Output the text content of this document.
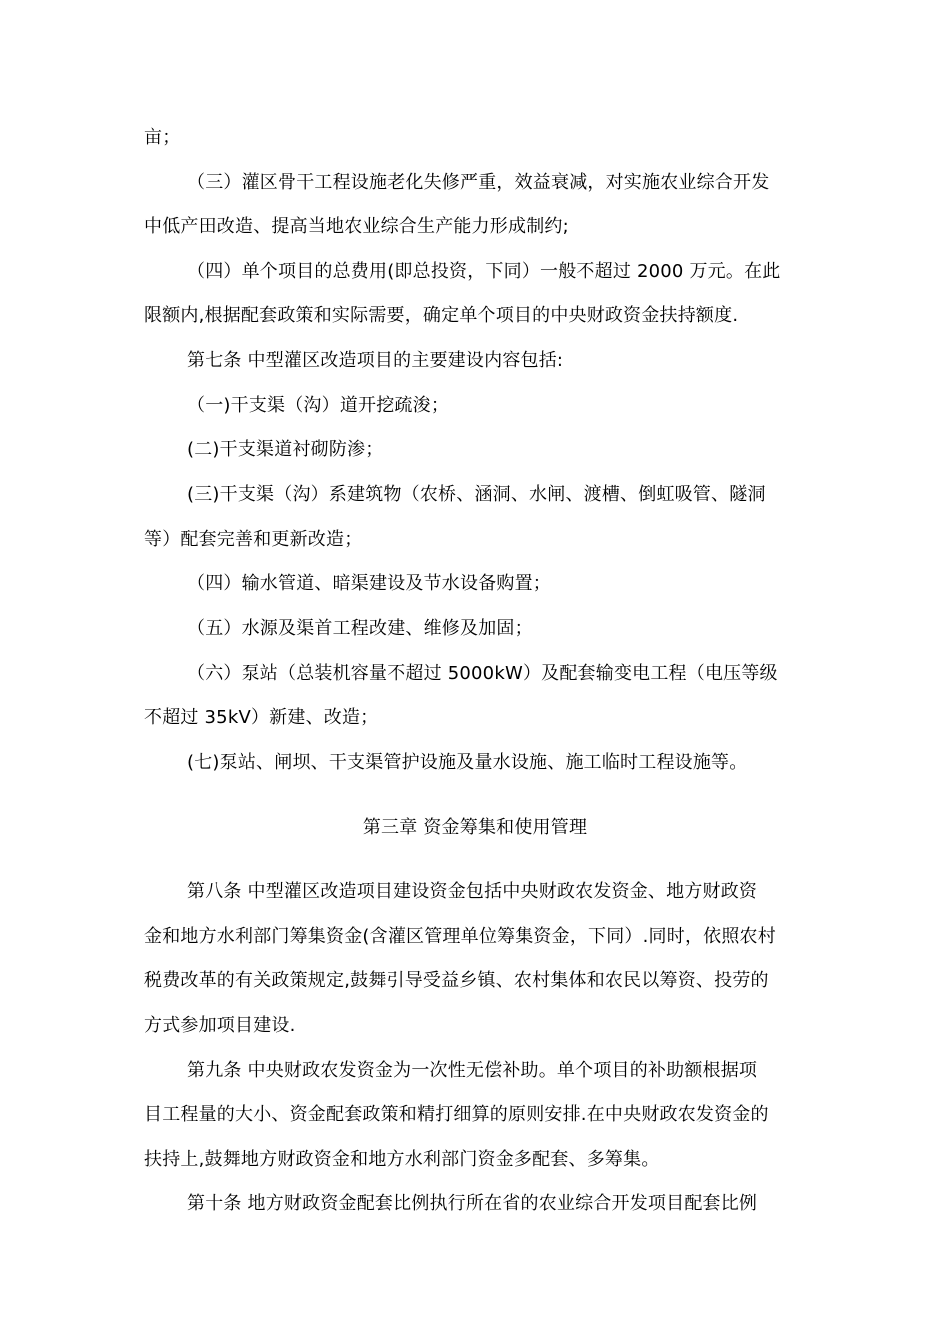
亩；
（三）灌区骨干工程设施老化失修严重，效益衰减，对实施农业综合开发
中低产田改造、提高当地农业综合生产能力形成制约;
（四）单个项目的总费用(即总投资，下同）一般不超过 2000 万元。在此
限额内,根据配套政策和实际需要，确定单个项目的中央财政资金扶持额度.
第七条 中型灌区改造项目的主要建设内容包括:
（一)干支渠（沟）道开挖疏浚；
(二)干支渠道衬砌防渗；
(三)干支渠（沟）系建筑物（农桥、涵洞、水闸、渡槽、倒虹吸管、隧洞
等）配套完善和更新改造；
（四）输水管道、暗渠建设及节水设备购置；
（五）水源及渠首工程改建、维修及加固；
（六）泵站（总装机容量不超过 5000kW）及配套输变电工程（电压等级
不超过 35kV）新建、改造；
(七)泵站、闸坝、干支渠管护设施及量水设施、施工临时工程设施等。
第三章 资金筹集和使用管理
第八条 中型灌区改造项目建设资金包括中央财政农发资金、地方财政资
金和地方水利部门筹集资金(含灌区管理单位筹集资金，下同）.同时，依照农村
税费改革的有关政策规定,鼓舞引导受益乡镇、农村集体和农民以筹资、投劳的
方式参加项目建设.
第九条 中央财政农发资金为一次性无偿补助。单个项目的补助额根据项
目工程量的大小、资金配套政策和精打细算的原则安排.在中央财政农发资金的
扶持上,鼓舞地方财政资金和地方水利部门资金多配套、多筹集。
第十条 地方财政资金配套比例执行所在省的农业综合开发项目配套比例
